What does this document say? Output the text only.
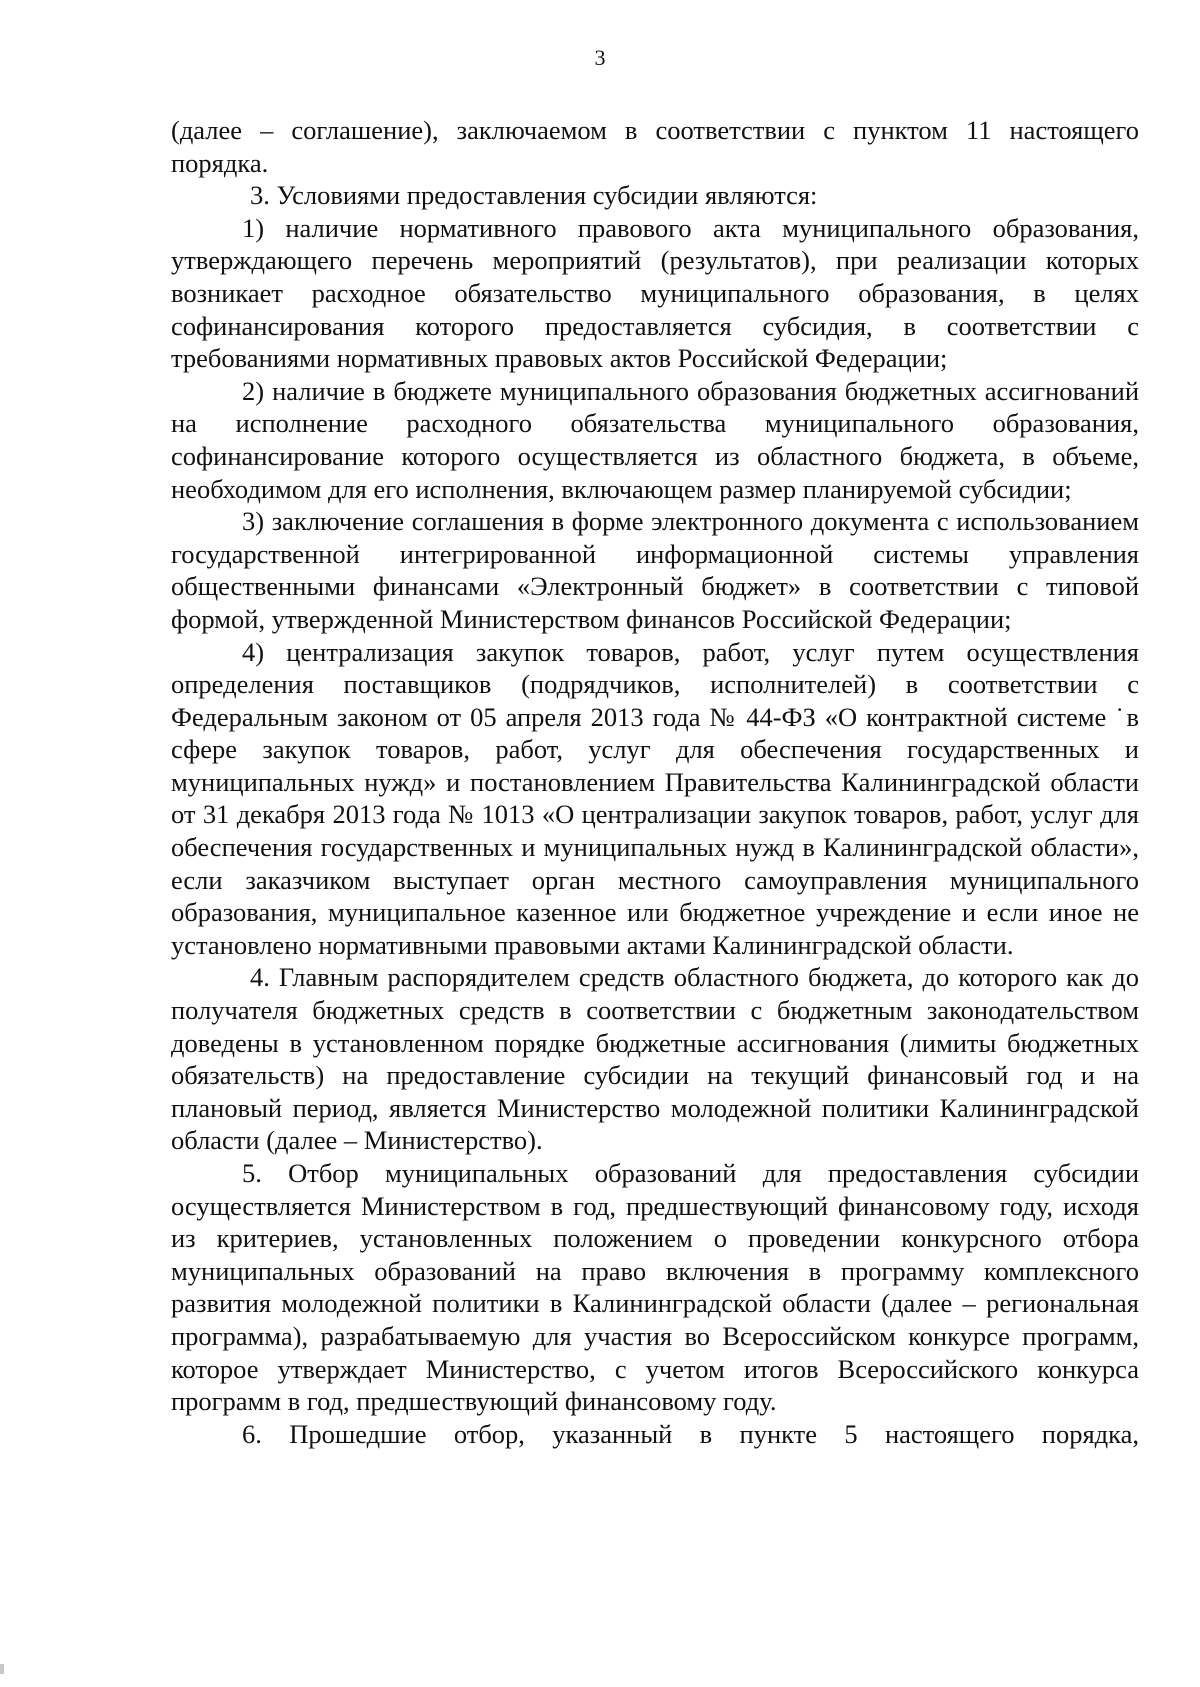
3

(далее – соглашение), заключаемом в соответствии с пунктом 11 настоящего порядка.

3. Условиями предоставления субсидии являются:

1) наличие нормативного правового акта муниципального образования, утверждающего перечень мероприятий (результатов), при реализации которых возникает расходное обязательство муниципального образования, в целях софинансирования которого предоставляется субсидия, в соответствии с требованиями нормативных правовых актов Российской Федерации;

2) наличие в бюджете муниципального образования бюджетных ассигнований на исполнение расходного обязательства муниципального образования, софинансирование которого осуществляется из областного бюджета, в объеме, необходимом для его исполнения, включающем размер планируемой субсидии;

3) заключение соглашения в форме электронного документа с использованием государственной интегрированной информационной системы управления общественными финансами «Электронный бюджет» в соответствии с типовой формой, утвержденной Министерством финансов Российской Федерации;

4) централизация закупок товаров, работ, услуг путем осуществления определения поставщиков (подрядчиков, исполнителей) в соответствии с Федеральным законом от 05 апреля 2013 года № 44-ФЗ «О контрактной системе ˙в сфере закупок товаров, работ, услуг для обеспечения государственных и муниципальных нужд» и постановлением Правительства Калининградской области от 31 декабря 2013 года № 1013 «О централизации закупок товаров, работ, услуг для обеспечения государственных и муниципальных нужд в Калининградской области», если заказчиком выступает орган местного самоуправления муниципального образования, муниципальное казенное или бюджетное учреждение и если иное не установлено нормативными правовыми актами Калининградской области.

4. Главным распорядителем средств областного бюджета, до которого как до получателя бюджетных средств в соответствии с бюджетным законодательством доведены в установленном порядке бюджетные ассигнования (лимиты бюджетных обязательств) на предоставление субсидии на текущий финансовый год и на плановый период, является Министерство молодежной политики Калининградской области (далее – Министерство).

5. Отбор муниципальных образований для предоставления субсидии осуществляется Министерством в год, предшествующий финансовому году, исходя из критериев, установленных положением о проведении конкурсного отбора муниципальных образований на право включения в программу комплексного развития молодежной политики в Калининградской области (далее – региональная программа), разрабатываемую для участия во Всероссийском конкурсе программ, которое утверждает Министерство, с учетом итогов Всероссийского конкурса программ в год, предшествующий финансовому году.

6. Прошедшие отбор, указанный в пункте 5 настоящего порядка,
